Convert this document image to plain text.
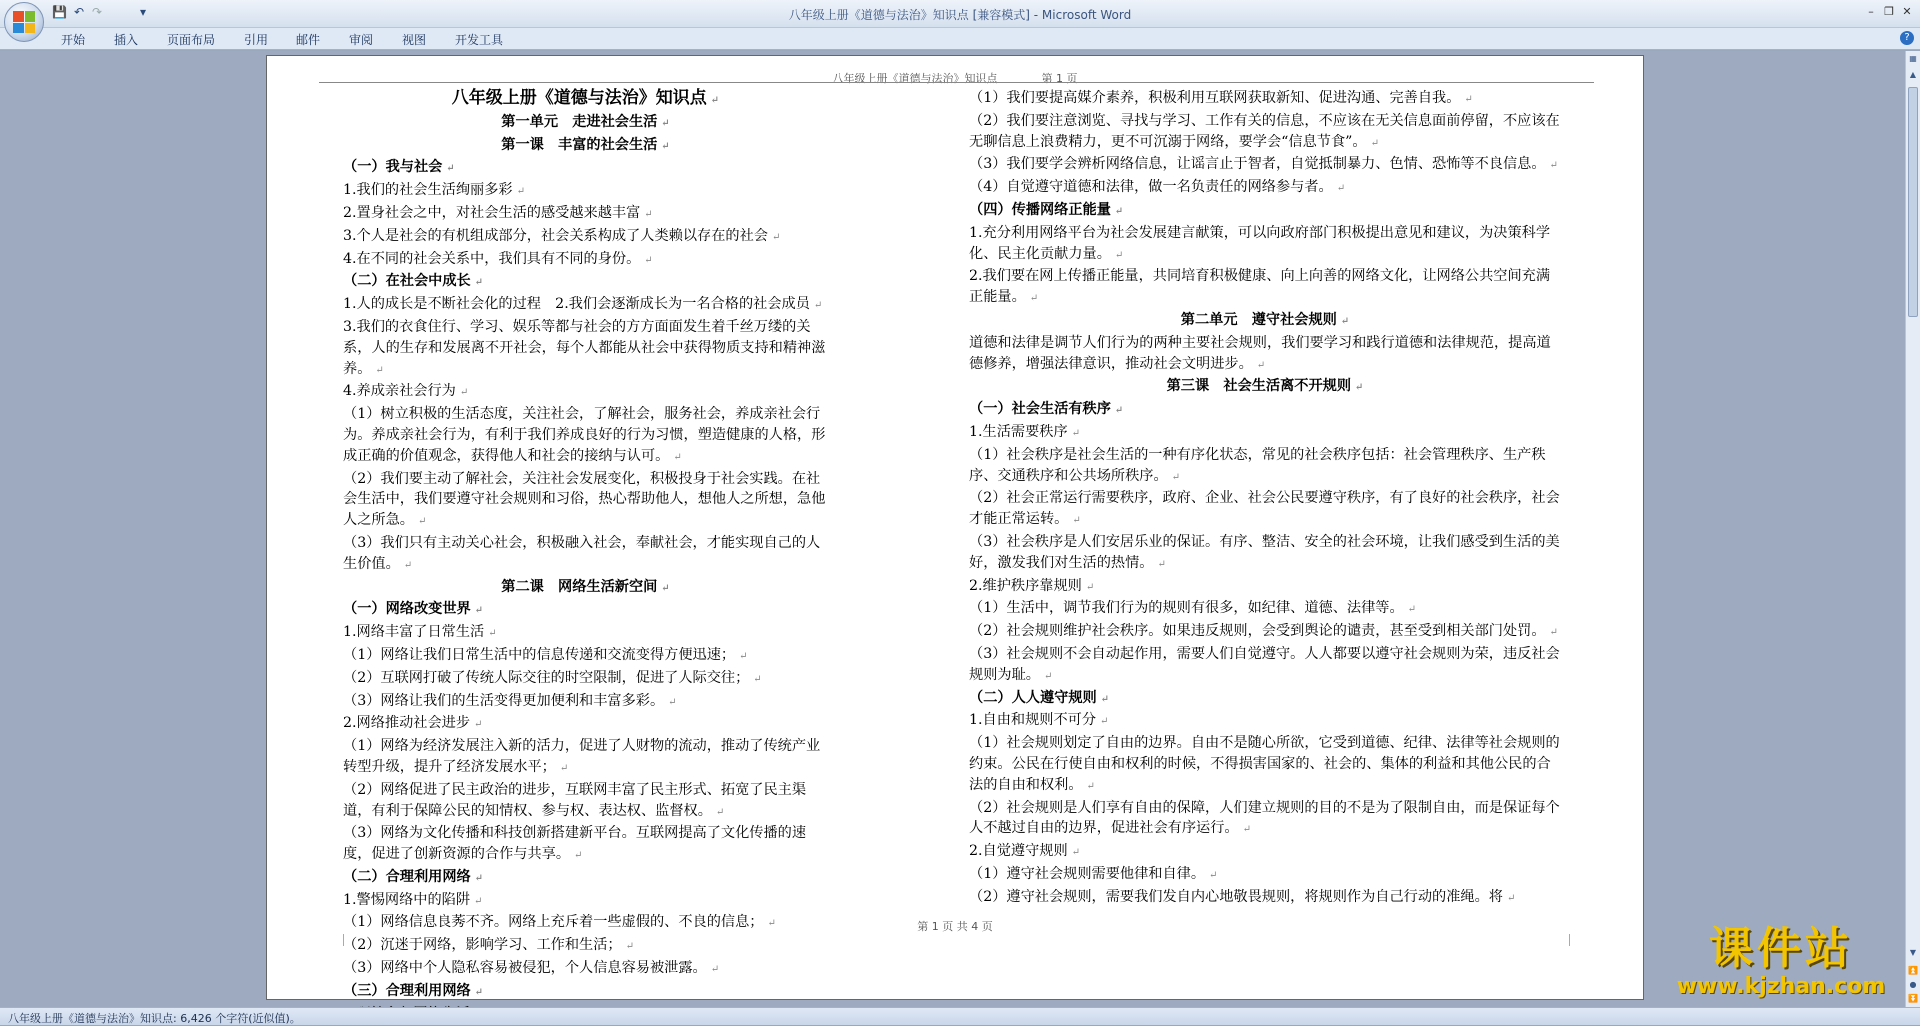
💾 ↶ ↷	▾	八年级上册《道德与法治》知识点 [兼容模式] - Microsoft Word	– ❐ ✕
开始 插入 页面布局 引用 邮件 审阅 视图 开发工具	?
八年级上册《道德与法治》知识点　　　　第 1 页
八年级上册《道德与法治》知识点 ↵
第一单元　走进社会生活 ↵
第一课　丰富的社会生活 ↵
（一）我与社会 ↵
1.我们的社会生活绚丽多彩 ↵
2.置身社会之中，对社会生活的感受越来越丰富 ↵
3.个人是社会的有机组成部分，社会关系构成了人类赖以存在的社会 ↵
4.在不同的社会关系中，我们具有不同的身份。 ↵
（二）在社会中成长 ↵
1.人的成长是不断社会化的过程　2.我们会逐渐成长为一名合格的社会成员 ↵
3.我们的衣食住行、学习、娱乐等都与社会的方方面面发生着千丝万缕的关系，人的生存和发展离不开社会，每个人都能从社会中获得物质支持和精神滋养。 ↵
4.养成亲社会行为 ↵
（1）树立积极的生活态度，关注社会，了解社会，服务社会，养成亲社会行为。养成亲社会行为，有利于我们养成良好的行为习惯，塑造健康的人格，形成正确的价值观念，获得他人和社会的接纳与认可。 ↵
（2）我们要主动了解社会，关注社会发展变化，积极投身于社会实践。在社会生活中，我们要遵守社会规则和习俗，热心帮助他人，想他人之所想，急他人之所急。 ↵
（3）我们只有主动关心社会，积极融入社会，奉献社会，才能实现自己的人生价值。 ↵
第二课　网络生活新空间 ↵
（一）网络改变世界 ↵
1.网络丰富了日常生活 ↵
（1）网络让我们日常生活中的信息传递和交流变得方便迅速； ↵
（2）互联网打破了传统人际交往的时空限制，促进了人际交往； ↵
（3）网络让我们的生活变得更加便利和丰富多彩。 ↵
2.网络推动社会进步 ↵
（1）网络为经济发展注入新的活力，促进了人财物的流动，推动了传统产业转型升级，提升了经济发展水平； ↵
（2）网络促进了民主政治的进步，互联网丰富了民主形式、拓宽了民主渠道，有利于保障公民的知情权、参与权、表达权、监督权。 ↵
（3）网络为文化传播和科技创新搭建新平台。互联网提高了文化传播的速度，促进了创新资源的合作与共享。 ↵
（二）合理利用网络 ↵
1.警惕网络中的陷阱 ↵
（1）网络信息良莠不齐。网络上充斥着一些虚假的、不良的信息； ↵
（2）沉迷于网络，影响学习、工作和生活； ↵
（3）网络中个人隐私容易被侵犯，个人信息容易被泄露。 ↵
（三）合理利用网络 ↵
（1）我们要提高媒介素养，积极利用互联网获取新知、促进沟通、完善自我。 ↵
（2）我们要注意浏览、寻找与学习、工作有关的信息，不应该在无关信息面前停留，不应该在无聊信息上浪费精力，更不可沉溺于网络，要学会“信息节食”。 ↵
（3）我们要学会辨析网络信息，让谣言止于智者，自觉抵制暴力、色情、恐怖等不良信息。 ↵
（4）自觉遵守道德和法律，做一名负责任的网络参与者。 ↵
（四）传播网络正能量 ↵
1.充分利用网络平台为社会发展建言献策，可以向政府部门积极提出意见和建议，为决策科学化、民主化贡献力量。 ↵
2.我们要在网上传播正能量，共同培育积极健康、向上向善的网络文化，让网络公共空间充满正能量。 ↵
第二单元　遵守社会规则 ↵
道德和法律是调节人们行为的两种主要社会规则，我们要学习和践行道德和法律规范，提高道德修养，增强法律意识，推动社会文明进步。 ↵
第三课　社会生活离不开规则 ↵
（一）社会生活有秩序 ↵
1.生活需要秩序 ↵
（1）社会秩序是社会生活的一种有序化状态，常见的社会秩序包括：社会管理秩序、生产秩序、交通秩序和公共场所秩序。 ↵
（2）社会正常运行需要秩序，政府、企业、社会公民要遵守秩序，有了良好的社会秩序，社会才能正常运转。 ↵
（3）社会秩序是人们安居乐业的保证。有序、整洁、安全的社会环境，让我们感受到生活的美好，激发我们对生活的热情。 ↵
2.维护秩序靠规则 ↵
（1）生活中，调节我们行为的规则有很多，如纪律、道德、法律等。 ↵
（2）社会规则维护社会秩序。如果违反规则，会受到舆论的谴责，甚至受到相关部门处罚。 ↵
（3）社会规则不会自动起作用，需要人们自觉遵守。人人都要以遵守社会规则为荣，违反社会规则为耻。 ↵
（二）人人遵守规则 ↵
1.自由和规则不可分 ↵
（1）社会规则划定了自由的边界。自由不是随心所欲，它受到道德、纪律、法律等社会规则的约束。公民在行使自由和权利的时候，不得损害国家的、社会的、集体的利益和其他公民的合法的自由和权利。 ↵
（2）社会规则是人们享有自由的保障，人们建立规则的目的不是为了限制自由，而是保证每个人不越过自由的边界，促进社会有序运行。 ↵
2.自觉遵守规则 ↵
（1）遵守社会规则需要他律和自律。 ↵
（2）遵守社会规则，需要我们发自内心地敬畏规则，将规则作为自己行动的准绳。将 ↵
第 1 页 共 4 页
▦
▲
▼
⏫
●
⏬
八年级上册《道德与法治》知识点: 6,426 个字符(近似值)。
课件站
www.kjzhan.com
